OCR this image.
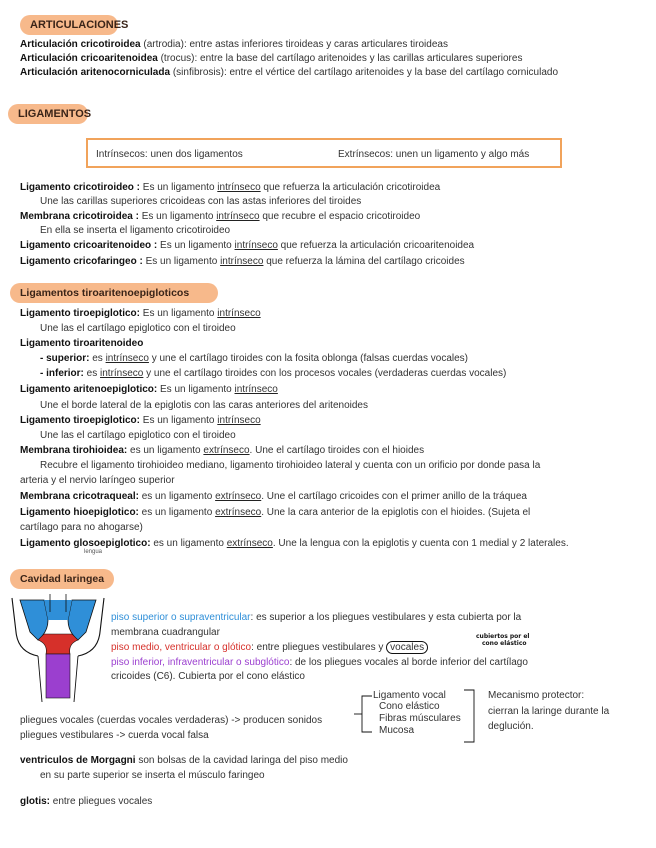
ARTICULACIONES
Articulación cricotiroidea (artrodia): entre astas inferiores tiroideas y caras articulares tiroideas
Articulación cricoaritenoidea (trocus): entre la base del cartílago aritenoides y las carillas articulares superiores
Articulación aritenocorniculada (sinfibrosis): entre el vértice del cartílago aritenoides y la base del cartílago corniculado
LIGAMENTOS
Intrínsecos: unen dos ligamentos	Extrínsecos: unen un ligamento y algo más
Ligamento cricotiroideo : Es un ligamento intrínseco que refuerza la articulación cricotiroidea
Une las carillas superiores cricoideas con las astas inferiores del tiroides
Membrana cricotiroidea : Es un ligamento intrínseco que recubre el espacio cricotiroideo
En ella se inserta el ligamento cricotiroideo
Ligamento cricoaritenoideo : Es un ligamento intrínseco que refuerza la articulación cricoaritenoidea
Ligamento cricofaringeo : Es un ligamento intrínseco que refuerza la lámina del cartílago cricoides
Ligamentos tiroaritenoepigloticos
Ligamento tiroepiglotico: Es un ligamento intrínseco
Une las el cartílago epiglotico con el tiroideo
Ligamento tiroaritenoideo
- superior: es intrínseco y une el cartílago tiroides con la fosita oblonga (falsas cuerdas vocales)
- inferior: es intrínseco y une el cartílago tiroides con los procesos vocales (verdaderas cuerdas vocales)
Ligamento aritenoepiglotico: Es un ligamento intrínseco
Une el borde lateral de la epiglotis con las caras anteriores del aritenoides
Ligamento tiroepiglotico: Es un ligamento intrínseco
Une las el cartílago epiglotico con el tiroideo
Membrana tirohioidea: es un ligamento extrínseco. Une el cartílago tiroides con el hioides
Recubre el ligamento tirohioideo mediano, ligamento tirohioideo lateral y cuenta con un orificio por donde pasa la
arteria y el nervio laríngeo superior
Membrana cricotraqueal: es un ligamento extrínseco. Une el cartílago cricoides con el primer anillo de la tráquea
Ligamento hioepiglotico: es un ligamento extrínseco. Une la cara anterior de la epiglotis con el hioides. (Sujeta el
cartílago para no ahogarse)
Ligamento glosoepiglotico: es un ligamento extrínseco. Une la lengua con la epiglotis y cuenta con 1 medial y 2 laterales.
lengua
Cavidad laringea
piso superior o supraventricular: es superior a los pliegues vestibulares y esta cubierta por la
membrana cuadrangular
piso medio, ventricular o glótico: entre pliegues vestibulares y vocales
cubiertos por el
cono elástico
piso inferior, infraventricular o subglótico: de los pliegues vocales al borde inferior del cartílago
cricoides (C6). Cubierta por el cono elástico
Ligamento vocal
Cono elástico
Fibras músculares
Mucosa
Mecanismo protector:
cierran la laringe durante la
deglución.
pliegues vocales (cuerdas vocales verdaderas) -> producen sonidos
pliegues vestibulares -> cuerda vocal falsa
ventriculos de Morgagni son bolsas de la cavidad laringa del piso medio
en su parte superior se inserta el músculo faringeo
glotis: entre pliegues vocales
